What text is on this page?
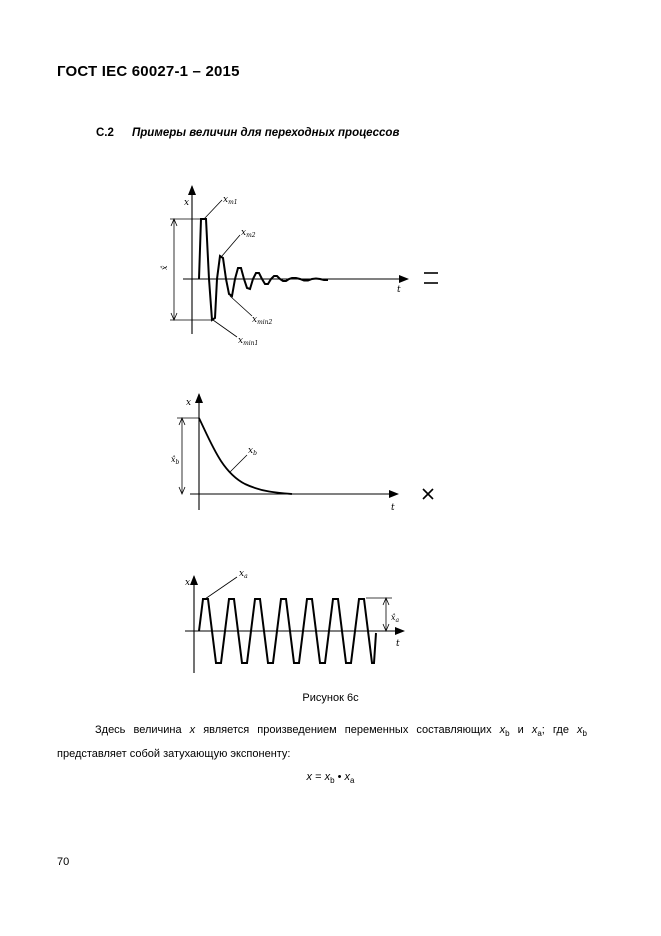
ГОСТ IEC 60027-1 – 2015
C.2 Примеры величин для переходных процессов
x
t
x̂
$x_{m1}$
$x_{m2}$
$x_{min2}$
$x_{min1}$
x
t
$x̂_b$
$x_b$
x
t
$x̂_a$
$x_a$
Рисунок 6с
Здесь величина x является произведением переменных составляющих $x_b$ и $x_a$; где $x_b$ представляет собой затухающую экспоненту:
$x = x_b$ • $x_a$
70
